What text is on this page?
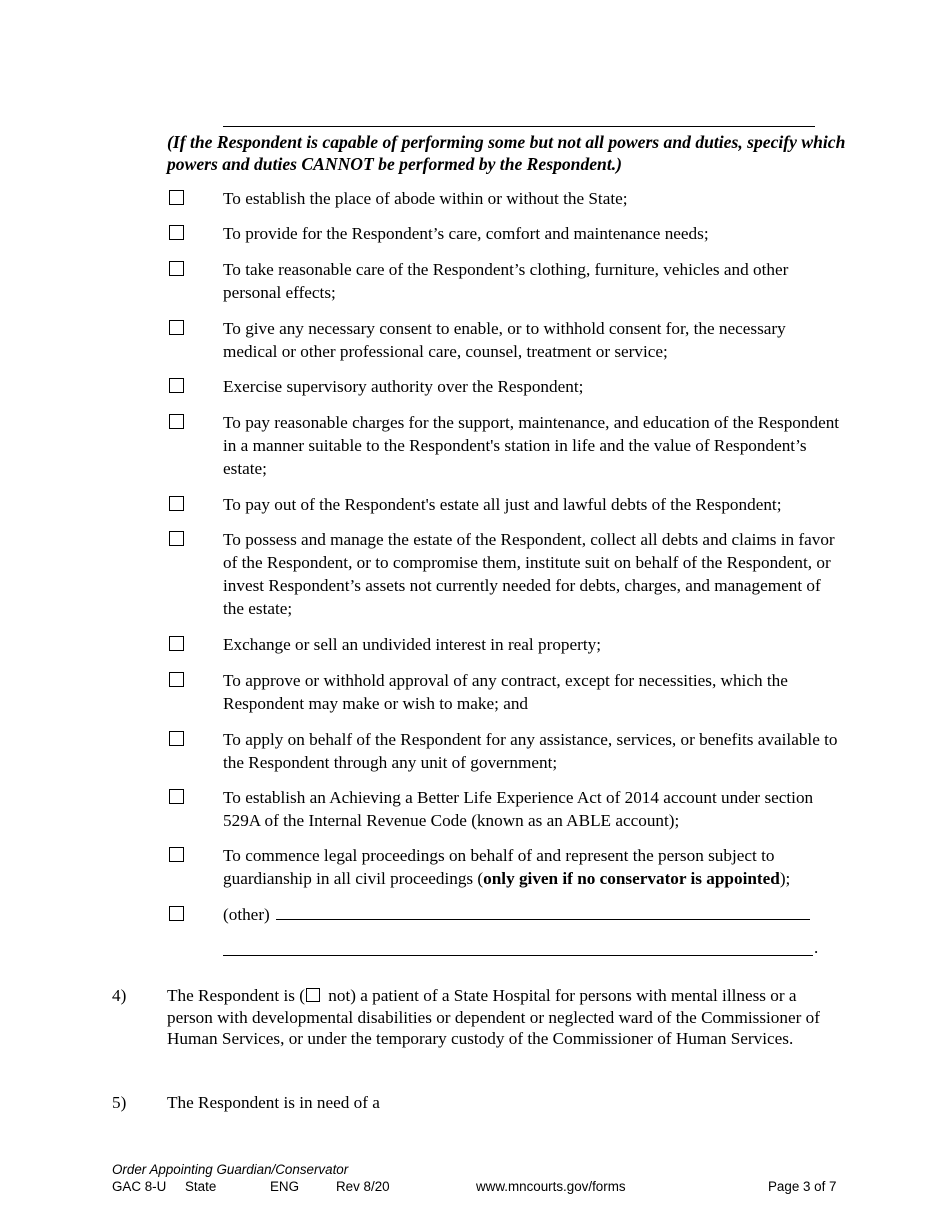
(If the Respondent is capable of performing some but not all powers and duties, specify which powers and duties CANNOT be performed by the Respondent.)
To establish the place of abode within or without the State;
To provide for the Respondent’s care, comfort and maintenance needs;
To take reasonable care of the Respondent’s clothing, furniture, vehicles and other personal effects;
To give any necessary consent to enable, or to withhold consent for, the necessary medical or other professional care, counsel, treatment or service;
Exercise supervisory authority over the Respondent;
To pay reasonable charges for the support, maintenance, and education of the Respondent in a manner suitable to the Respondent's station in life and the value of Respondent’s estate;
To pay out of the Respondent's estate all just and lawful debts of the Respondent;
To possess and manage the estate of the Respondent, collect all debts and claims in favor of the Respondent, or to compromise them, institute suit on behalf of the Respondent, or invest Respondent’s assets not currently needed for debts, charges, and management of the estate;
Exchange or sell an undivided interest in real property;
To approve or withhold approval of any contract, except for necessities, which the Respondent may make or wish to make; and
To apply on behalf of the Respondent for any assistance, services, or benefits available to the Respondent through any unit of government;
To establish an Achieving a Better Life Experience Act of 2014 account under section 529A of the Internal Revenue Code (known as an ABLE account);
To commence legal proceedings on behalf of and represent the person subject to guardianship in all civil proceedings (only given if no conservator is appointed);
(other)
.
4)	The Respondent is ( not) a patient of a State Hospital for persons with mental illness or a person with developmental disabilities or dependent or neglected ward of the Commissioner of Human Services, or under the temporary custody of the Commissioner of Human Services.
5)	The Respondent is in need of a
Order Appointing Guardian/Conservator
GAC 8-U State	ENG	Rev 8/20	www.mncourts.gov/forms	Page 3 of 7
